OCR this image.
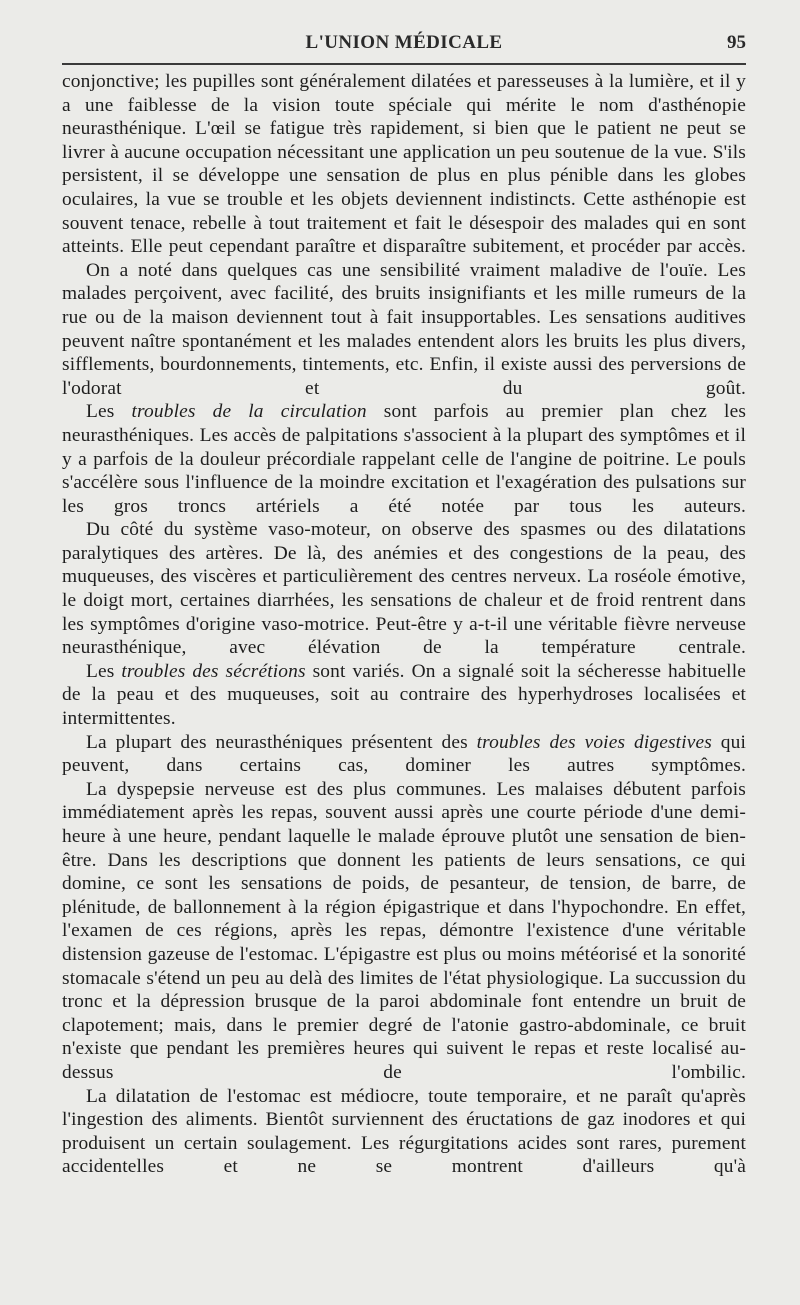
L'UNION MÉDICALE	95

conjonctive; les pupilles sont généralement dilatées et paresseuses à la lumière, et il y a une faiblesse de la vision toute spéciale qui mérite le nom d'asthénopie neurasthénique. L'œil se fatigue très rapidement, si bien que le patient ne peut se livrer à aucune occupation nécessitant une application un peu soutenue de la vue. S'ils persistent, il se développe une sensation de plus en plus pénible dans les globes oculaires, la vue se trouble et les objets deviennent indistincts. Cette asthénopie est souvent tenace, rebelle à tout traitement et fait le désespoir des malades qui en sont atteints. Elle peut cependant paraître et disparaître subitement, et procéder par accès.

On a noté dans quelques cas une sensibilité vraiment maladive de l'ouïe. Les malades perçoivent, avec facilité, des bruits insignifiants et les mille rumeurs de la rue ou de la maison deviennent tout à fait insupportables. Les sensations auditives peuvent naître spontanément et les malades entendent alors les bruits les plus divers, sifflements, bourdonnements, tintements, etc. Enfin, il existe aussi des perversions de l'odorat et du goût.

Les troubles de la circulation sont parfois au premier plan chez les neurasthéniques. Les accès de palpitations s'associent à la plupart des symptômes et il y a parfois de la douleur précordiale rappelant celle de l'angine de poitrine. Le pouls s'accélère sous l'influence de la moindre excitation et l'exagération des pulsations sur les gros troncs artériels a été notée par tous les auteurs.

Du côté du système vaso-moteur, on observe des spasmes ou des dilatations paralytiques des artères. De là, des anémies et des congestions de la peau, des muqueuses, des viscères et particulièrement des centres nerveux. La roséole émotive, le doigt mort, certaines diarrhées, les sensations de chaleur et de froid rentrent dans les symptômes d'origine vaso-motrice. Peut-être y a-t-il une véritable fièvre nerveuse neurasthénique, avec élévation de la température centrale.

Les troubles des sécrétions sont variés. On a signalé soit la sécheresse habituelle de la peau et des muqueuses, soit au contraire des hyperhydroses localisées et intermittentes.

La plupart des neurasthéniques présentent des troubles des voies digestives qui peuvent, dans certains cas, dominer les autres symptômes.

La dyspepsie nerveuse est des plus communes. Les malaises débutent parfois immédiatement après les repas, souvent aussi après une courte période d'une demi-heure à une heure, pendant laquelle le malade éprouve plutôt une sensation de bien-être. Dans les descriptions que donnent les patients de leurs sensations, ce qui domine, ce sont les sensations de poids, de pesanteur, de tension, de barre, de plénitude, de ballonnement à la région épigastrique et dans l'hypochondre. En effet, l'examen de ces régions, après les repas, démontre l'existence d'une véritable distension gazeuse de l'estomac. L'épigastre est plus ou moins météorisé et la sonorité stomacale s'étend un peu au delà des limites de l'état physiologique. La succussion du tronc et la dépression brusque de la paroi abdominale font entendre un bruit de clapotement; mais, dans le premier degré de l'atonie gastro-abdominale, ce bruit n'existe que pendant les premières heures qui suivent le repas et reste localisé au-dessus de l'ombilic.

La dilatation de l'estomac est médiocre, toute temporaire, et ne paraît qu'après l'ingestion des aliments. Bientôt surviennent des éructations de gaz inodores et qui produisent un certain soulagement. Les régurgitations acides sont rares, purement accidentelles et ne se montrent d'ailleurs qu'à
